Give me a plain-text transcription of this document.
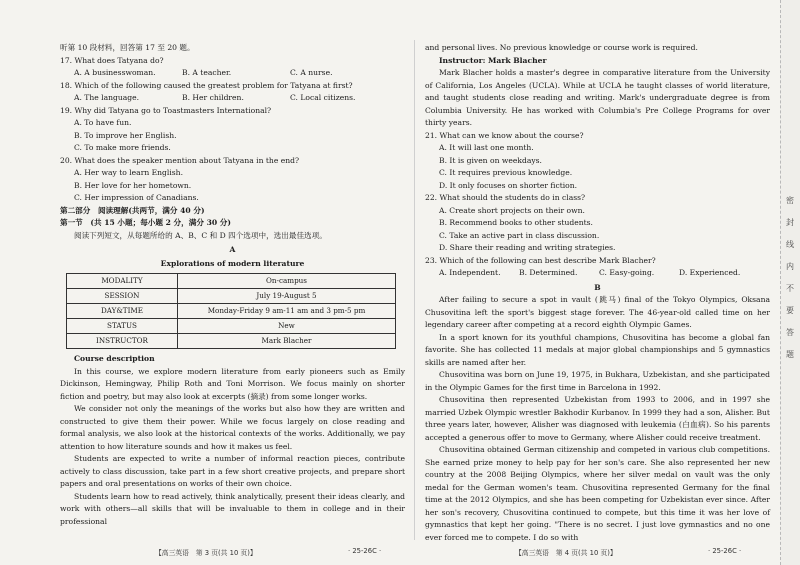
听第 10 段材料，回答第 17 至 20 题。
17. What does Tatyana do?
A. A businesswoman.	B. A teacher.	C. A nurse.
18. Which of the following caused the greatest problem for Tatyana at first?
A. The language.	B. Her children.	C. Local citizens.
19. Why did Tatyana go to Toastmasters International?
A. To have fun.
B. To improve her English.
C. To make more friends.
20. What does the speaker mention about Tatyana in the end?
A. Her way to learn English.
B. Her love for her hometown.
C. Her impression of Canadians.
第二部分　阅读理解(共两节，满分 40 分)
第一节　(共 15 小题；每小题 2 分，满分 30 分)
阅读下列短文，从每题所给的 A、B、C 和 D 四个选项中，选出最佳选项。
A
Explorations of modern literature
MODALITY	On-campus
SESSION	July 19-August 5
DAY&TIME	Monday-Friday 9 am-11 am and 3 pm-5 pm
STATUS	New
INSTRUCTOR	Mark Blacher
Course description
In this course, we explore modern literature from early pioneers such as Emily Dickinson, Hemingway, Philip Roth and Toni Morrison. We focus mainly on shorter fiction and poetry, but may also look at excerpts (摘录) from some longer works.
We consider not only the meanings of the works but also how they are written and constructed to give them their power. While we focus largely on close reading and formal analysis, we also look at the historical contexts of the works. Additionally, we pay attention to how literature sounds and how it makes us feel.
Students are expected to write a number of informal reaction pieces, contribute actively to class discussion, take part in a few short creative projects, and prepare short papers and oral presentations on works of their own choice.
Students learn how to read actively, think analytically, present their ideas clearly, and work with others—all skills that will be invaluable to them in college and in their professional
and personal lives. No previous knowledge or course work is required.
Instructor: Mark Blacher
Mark Blacher holds a master's degree in comparative literature from the University of California, Los Angeles (UCLA). While at UCLA he taught classes of world literature, and taught students close reading and writing. Mark's undergraduate degree is from Columbia University. He has worked with Columbia's Pre College Programs for over thirty years.
21. What can we know about the course?
A. It will last one month.
B. It is given on weekdays.
C. It requires previous knowledge.
D. It only focuses on shorter fiction.
22. What should the students do in class?
A. Create short projects on their own.
B. Recommend books to other students.
C. Take an active part in class discussion.
D. Share their reading and writing strategies.
23. Which of the following can best describe Mark Blacher?
A. Independent.	B. Determined.	C. Easy-going.	D. Experienced.
B
After failing to secure a spot in vault (跳马) final of the Tokyo Olympics, Oksana Chusovitina left the sport's biggest stage forever. The 46-year-old called time on her legendary career after competing at a record eighth Olympic Games.
In a sport known for its youthful champions, Chusovitina has become a global fan favorite. She has collected 11 medals at major global championships and 5 gymnastics skills are named after her.
Chusovitina was born on June 19, 1975, in Bukhara, Uzbekistan, and she participated in the Olympic Games for the first time in Barcelona in 1992.
Chusovitina then represented Uzbekistan from 1993 to 2006, and in 1997 she married Uzbek Olympic wrestler Bakhodir Kurbanov. In 1999 they had a son, Alisher. But three years later, however, Alisher was diagnosed with leukemia (白血病). So his parents accepted a generous offer to move to Germany, where Alisher could receive treatment.
Chusovitina obtained German citizenship and competed in various club competitions. She earned prize money to help pay for her son's care. She also represented her new country at the 2008 Beijing Olympics, where her silver medal on vault was the only medal for the German women's team. Chusovitina represented Germany for the final time at the 2012 Olympics, and she has been competing for Uzbekistan ever since. After her son's recovery, Chusovitina continued to compete, but this time it was her love of gymnastics that kept her going. "There is no secret. I just love gymnastics and no one ever forced me to compete. I do so with
【高三英语　第 3 页(共 10 页)】	· 25-26C ·	【高三英语　第 4 页(共 10 页)】	· 25-26C ·
密封线内不要答题
